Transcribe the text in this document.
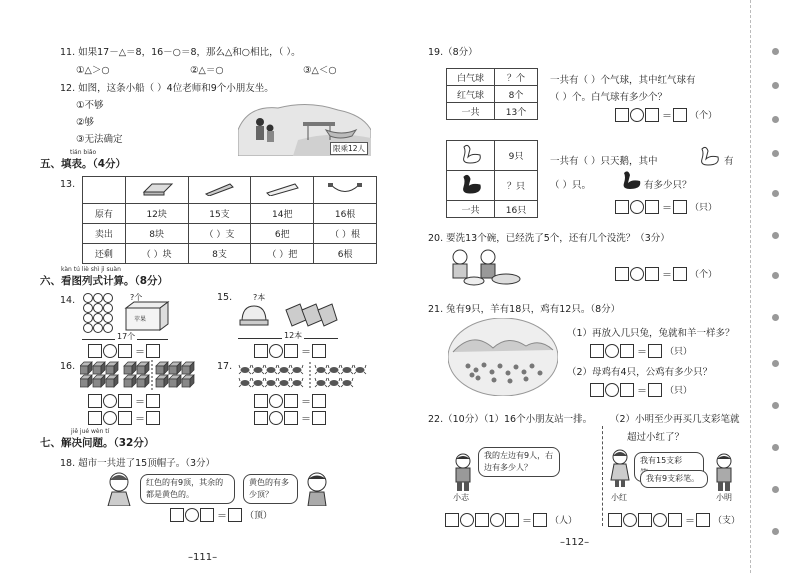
11. 如果17－△＝8，16－○＝8，那么△和○相比，（ ）。
①△＞○	②△＝○	③△＜○
12. 如图，这条小船（ ）4位老师和9个小朋友坐。
①不够
②够
③无法确定
限乘12人
tián biǎo
五、填表。（4分）
13.

原有	12块	15支	14把	16根
卖出	8块	（ ）支	6把	（ ）根
还剩	（ ）块	8支	（ ）把	6根
kàn tú liè shì jì suàn
六、看图列式计算。（8分）
14.
苹果
?个
17个
＝
15.	?本
12本
＝
16.
＝
＝
17.
＝
＝
jiě jué wèn tí
七、解决问题。（32分）
18. 超市一共进了15顶帽子。（3分）
红色的有9顶，其余的都是黄色的。
黄色的有多少顶？
＝ （顶）
–111–
19.（8分）
白气球	？个
红气球	8个
一共	13个
一共有（ ）个气球，其中红气球有
（ ）个。白气球有多少个？
＝ （个）
	9只
	？只
一共	16只
一共有（ ）只天鹅，其中	有
（ ）只。	有多少只？
＝ （只）
20. 要洗13个碗，已经洗了5个，还有几个没洗？（3分）
＝ （个）
21. 兔有9只，羊有18只，鸡有12只。（8分）
（1）再放入几只兔，兔就和羊一样多？
＝ （只）
（2）母鸡有4只，公鸡有多少只？
＝ （只）
22.（10分）（1）16个小朋友站一排。 （2）小明至少再买几支彩笔就
超过小红了？
我的左边有9人，右边有多少人？
小志
＝ （人）
我有15支彩
我有9支彩笔。
小红	小明
＝ （支）
–112–
